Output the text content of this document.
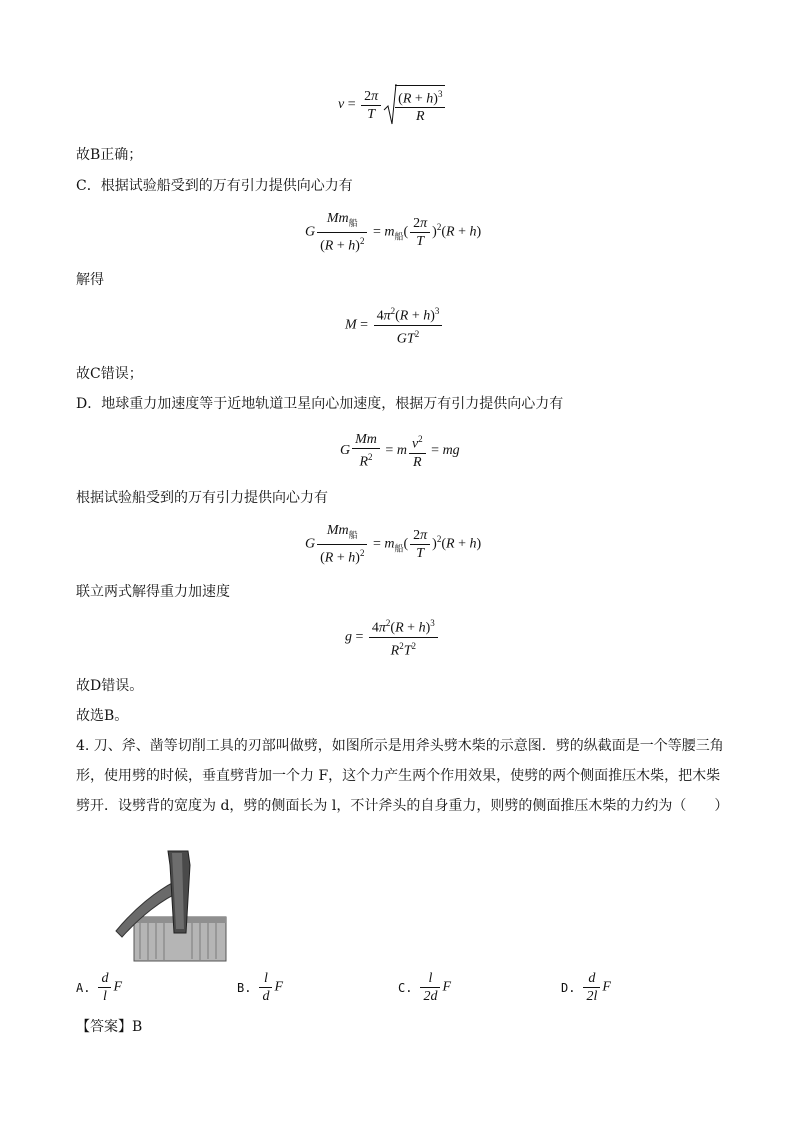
$v = \frac{2\pi}{T} \frac{(R + h)^3}{R}$
故B正确；
C．根据试验船受到的万有引力提供向心力有
G $\frac{Mm_船}{(R + h)^2} = m_船( \frac{2\pi}{T} )^2(R + h)$
解得
$M = \frac{4\pi^2(R + h)^3}{GT^2}$
故C错误；
D．地球重力加速度等于近地轨道卫星向心加速度，根据万有引力提供向心力有
G $\frac{Mm}{R^2} = m \frac{v^2}{R}$ = mg
根据试验船受到的万有引力提供向心力有
G $\frac{Mm_船}{(R + h)^2} = m_船( \frac{2\pi}{T} )^2(R + h)$
联立两式解得重力加速度
$g = \frac{4\pi^2(R + h)^3}{R^2T^2}$
故D错误。
故选B。
4. 刀、斧、凿等切削工具的刃部叫做劈，如图所示是用斧头劈木柴的示意图．劈的纵截面是一个等腰三角形，使用劈的时候，垂直劈背加一个力 F，这个力产生两个作用效果，使劈的两个侧面推压木柴，把木柴劈开．设劈背的宽度为 d，劈的侧面长为 l，不计斧头的自身重力，则劈的侧面推压木柴的力约为（　　）
A. $\frac{d}{l}$ F	B. $\frac{l}{d}$ F	C. $\frac{l}{2d}$ F	D. $\frac{d}{2l}$ F
【答案】B
